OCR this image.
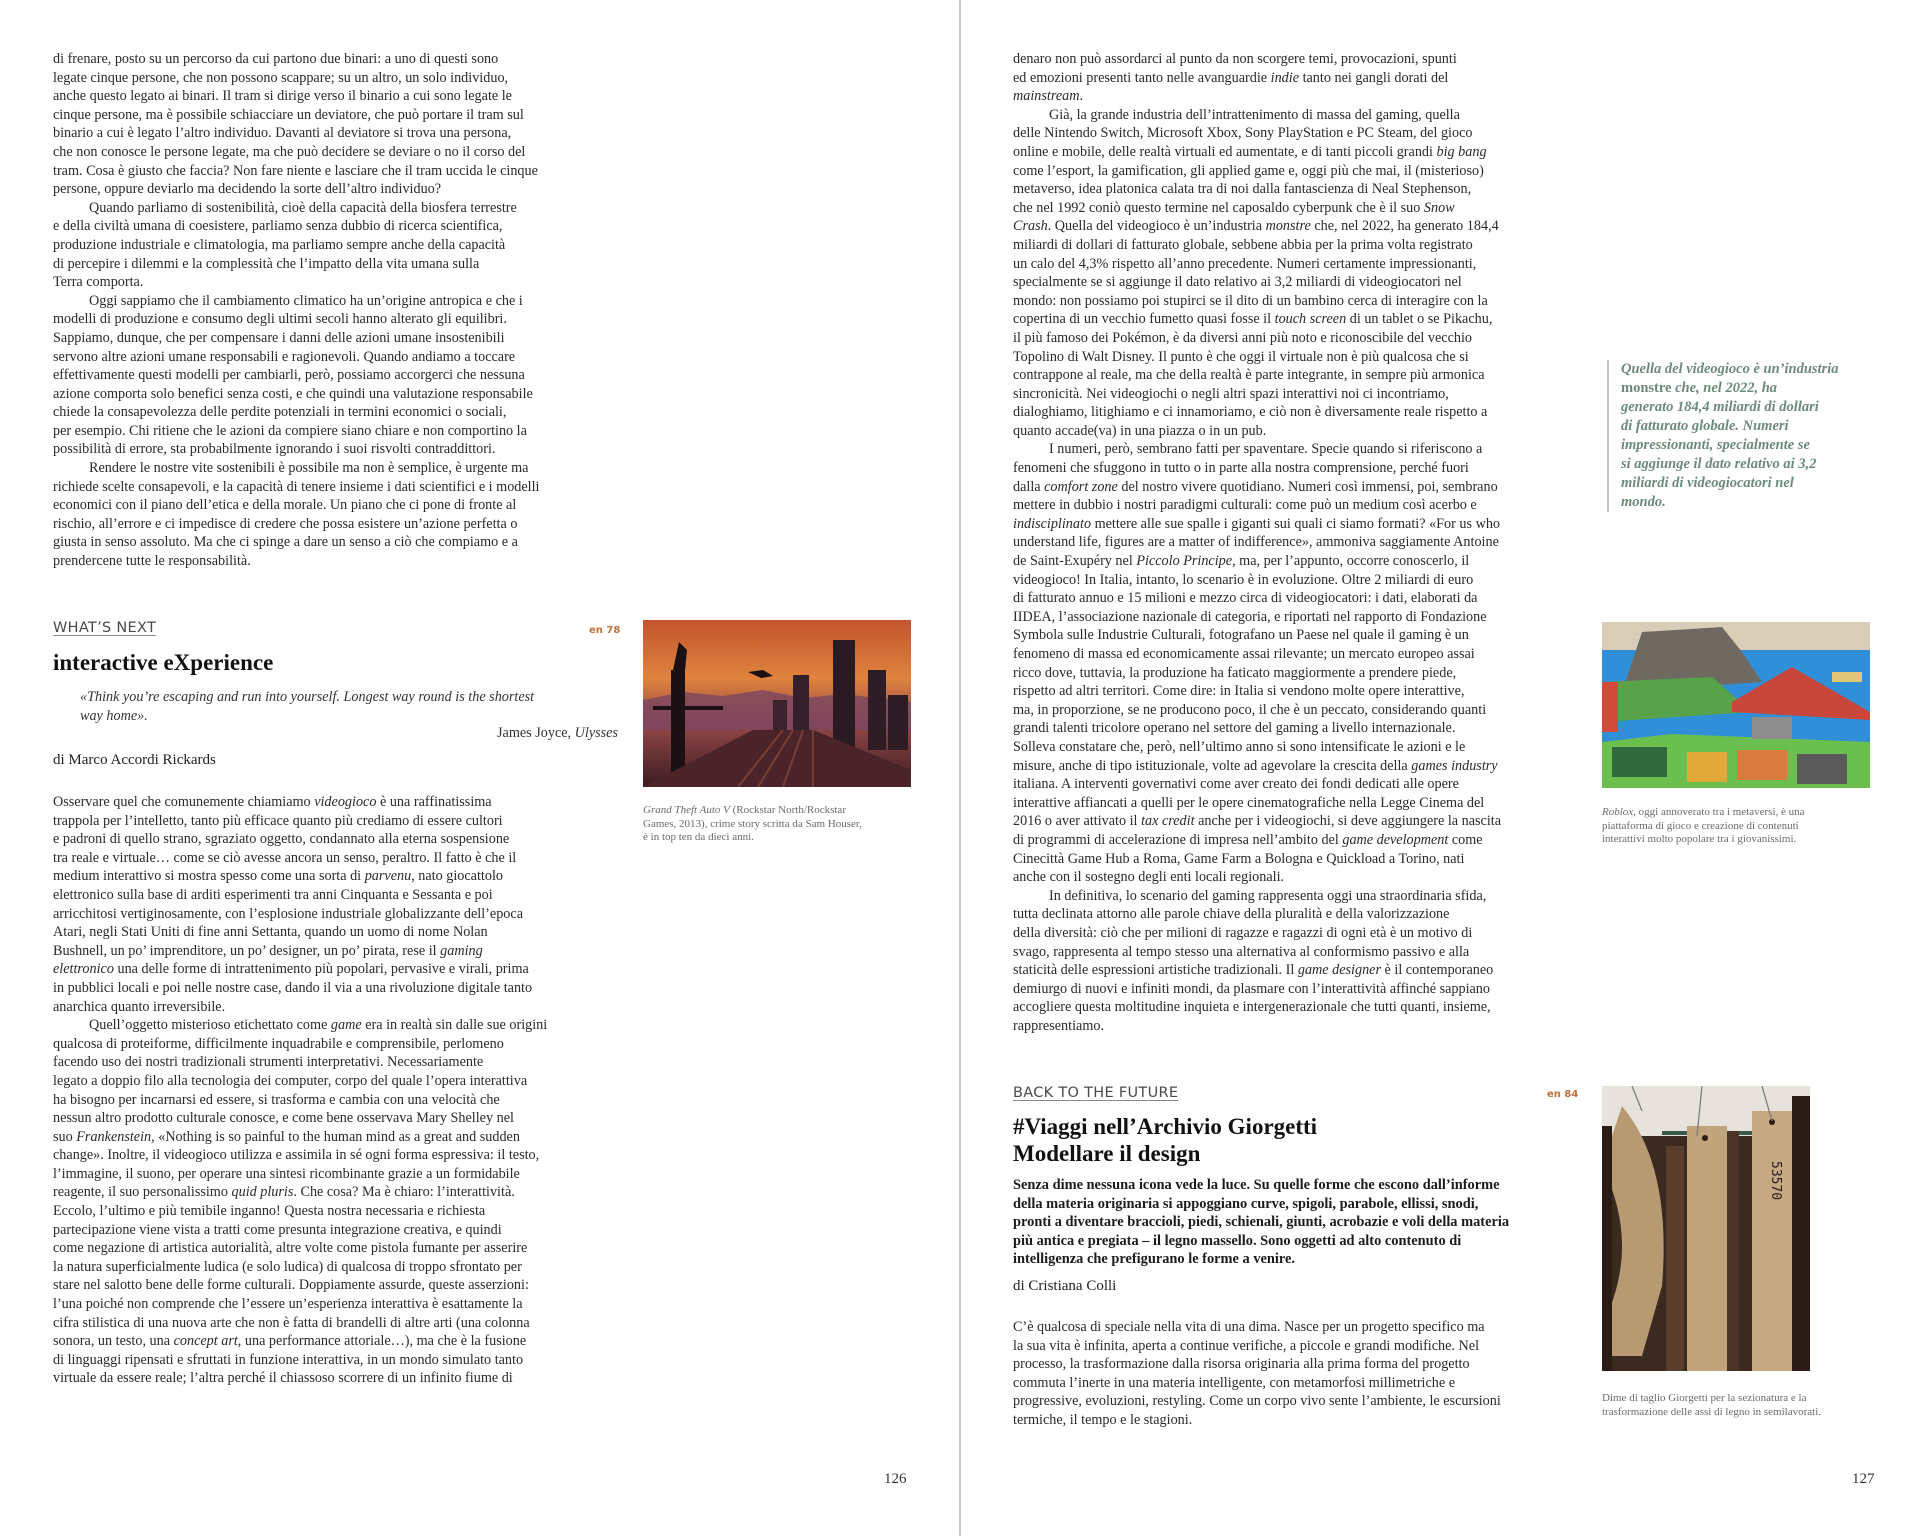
di frenare, posto su un percorso da cui partono due binari: a uno di questi sono
legate cinque persone, che non possono scappare; su un altro, un solo individuo,
anche questo legato ai binari. Il tram si dirige verso il binario a cui sono legate le
cinque persone, ma è possibile schiacciare un deviatore, che può portare il tram sul
binario a cui è legato l’altro individuo. Davanti al deviatore si trova una persona,
che non conosce le persone legate, ma che può decidere se deviare o no il corso del
tram. Cosa è giusto che faccia? Non fare niente e lasciare che il tram uccida le cinque
persone, oppure deviarlo ma decidendo la sorte dell’altro individuo?
Quando parliamo di sostenibilità, cioè della capacità della biosfera terrestre
e della civiltà umana di coesistere, parliamo senza dubbio di ricerca scientifica,
produzione industriale e climatologia, ma parliamo sempre anche della capacità
di percepire i dilemmi e la complessità che l’impatto della vita umana sulla
Terra comporta.
Oggi sappiamo che il cambiamento climatico ha un’origine antropica e che i
modelli di produzione e consumo degli ultimi secoli hanno alterato gli equilibri.
Sappiamo, dunque, che per compensare i danni delle azioni umane insostenibili
servono altre azioni umane responsabili e ragionevoli. Quando andiamo a toccare
effettivamente questi modelli per cambiarli, però, possiamo accorgerci che nessuna
azione comporta solo benefici senza costi, e che quindi una valutazione responsabile
chiede la consapevolezza delle perdite potenziali in termini economici o sociali,
per esempio. Chi ritiene che le azioni da compiere siano chiare e non comportino la
possibilità di errore, sta probabilmente ignorando i suoi risvolti contraddittori.
Rendere le nostre vite sostenibili è possibile ma non è semplice, è urgente ma
richiede scelte consapevoli, e la capacità di tenere insieme i dati scientifici e i modelli
economici con il piano dell’etica e della morale. Un piano che ci pone di fronte al
rischio, all’errore e ci impedisce di credere che possa esistere un’azione perfetta o
giusta in senso assoluto. Ma che ci spinge a dare un senso a ciò che compiamo e a
prendercene tutte le responsabilità.
WHAT’S NEXT	en 78
interactive eXperience
«Think you’re escaping and run into yourself. Longest way round is the shortest
way home».
James Joyce, Ulysses
di Marco Accordi Rickards
Osservare quel che comunemente chiamiamo videogioco è una raffinatissima
trappola per l’intelletto, tanto più efficace quanto più crediamo di essere cultori
e padroni di quello strano, sgraziato oggetto, condannato alla eterna sospensione
tra reale e virtuale… come se ciò avesse ancora un senso, peraltro. Il fatto è che il
medium interattivo si mostra spesso come una sorta di parvenu, nato giocattolo
elettronico sulla base di arditi esperimenti tra anni Cinquanta e Sessanta e poi
arricchitosi vertiginosamente, con l’esplosione industriale globalizzante dell’epoca
Atari, negli Stati Uniti di fine anni Settanta, quando un uomo di nome Nolan
Bushnell, un po’ imprenditore, un po’ designer, un po’ pirata, rese il gaming
elettronico una delle forme di intrattenimento più popolari, pervasive e virali, prima
in pubblici locali e poi nelle nostre case, dando il via a una rivoluzione digitale tanto
anarchica quanto irreversibile.
Quell’oggetto misterioso etichettato come game era in realtà sin dalle sue origini
qualcosa di proteiforme, difficilmente inquadrabile e comprensibile, perlomeno
facendo uso dei nostri tradizionali strumenti interpretativi. Necessariamente
legato a doppio filo alla tecnologia dei computer, corpo del quale l’opera interattiva
ha bisogno per incarnarsi ed essere, si trasforma e cambia con una velocità che
nessun altro prodotto culturale conosce, e come bene osservava Mary Shelley nel
suo Frankenstein, «Nothing is so painful to the human mind as a great and sudden
change». Inoltre, il videogioco utilizza e assimila in sé ogni forma espressiva: il testo,
l’immagine, il suono, per operare una sintesi ricombinante grazie a un formidabile
reagente, il suo personalissimo quid pluris. Che cosa? Ma è chiaro: l’interattività.
Eccolo, l’ultimo e più temibile inganno! Questa nostra necessaria e richiesta
partecipazione viene vista a tratti come presunta integrazione creativa, e quindi
come negazione di artistica autorialità, altre volte come pistola fumante per asserire
la natura superficialmente ludica (e solo ludica) di qualcosa di troppo sfrontato per
stare nel salotto bene delle forme culturali. Doppiamente assurde, queste asserzioni:
l’una poiché non comprende che l’essere un’esperienza interattiva è esattamente la
cifra stilistica di una nuova arte che non è fatta di brandelli di altre arti (una colonna
sonora, un testo, una concept art, una performance attoriale…), ma che è la fusione
di linguaggi ripensati e sfruttati in funzione interattiva, in un mondo simulato tanto
virtuale da essere reale; l’altra perché il chiassoso scorrere di un infinito fiume di
Grand Theft Auto V (Rockstar North/Rockstar
Games, 2013), crime story scritta da Sam Houser,
è in top ten da dieci anni.
126
denaro non può assordarci al punto da non scorgere temi, provocazioni, spunti
ed emozioni presenti tanto nelle avanguardie indie tanto nei gangli dorati del
mainstream.
Già, la grande industria dell’intrattenimento di massa del gaming, quella
delle Nintendo Switch, Microsoft Xbox, Sony PlayStation e PC Steam, del gioco
online e mobile, delle realtà virtuali ed aumentate, e di tanti piccoli grandi big bang
come l’esport, la gamification, gli applied game e, oggi più che mai, il (misterioso)
metaverso, idea platonica calata tra di noi dalla fantascienza di Neal Stephenson,
che nel 1992 coniò questo termine nel caposaldo cyberpunk che è il suo Snow
Crash. Quella del videogioco è un’industria monstre che, nel 2022, ha generato 184,4
miliardi di dollari di fatturato globale, sebbene abbia per la prima volta registrato
un calo del 4,3% rispetto all’anno precedente. Numeri certamente impressionanti,
specialmente se si aggiunge il dato relativo ai 3,2 miliardi di videogiocatori nel
mondo: non possiamo poi stupirci se il dito di un bambino cerca di interagire con la
copertina di un vecchio fumetto quasi fosse il touch screen di un tablet o se Pikachu,
il più famoso dei Pokémon, è da diversi anni più noto e riconoscibile del vecchio
Topolino di Walt Disney. Il punto è che oggi il virtuale non è più qualcosa che si
contrappone al reale, ma che della realtà è parte integrante, in sempre più armonica
sincronicità. Nei videogiochi o negli altri spazi interattivi noi ci incontriamo,
dialoghiamo, litighiamo e ci innamoriamo, e ciò non è diversamente reale rispetto a
quanto accade(va) in una piazza o in un pub.
I numeri, però, sembrano fatti per spaventare. Specie quando si riferiscono a
fenomeni che sfuggono in tutto o in parte alla nostra comprensione, perché fuori
dalla comfort zone del nostro vivere quotidiano. Numeri così immensi, poi, sembrano
mettere in dubbio i nostri paradigmi culturali: come può un medium così acerbo e
indisciplinato mettere alle sue spalle i giganti sui quali ci siamo formati? «For us who
understand life, figures are a matter of indifference», ammoniva saggiamente Antoine
de Saint-Exupéry nel Piccolo Principe, ma, per l’appunto, occorre conoscerlo, il
videogioco! In Italia, intanto, lo scenario è in evoluzione. Oltre 2 miliardi di euro
di fatturato annuo e 15 milioni e mezzo circa di videogiocatori: i dati, elaborati da
IIDEA, l’associazione nazionale di categoria, e riportati nel rapporto di Fondazione
Symbola sulle Industrie Culturali, fotografano un Paese nel quale il gaming è un
fenomeno di massa ed economicamente assai rilevante; un mercato europeo assai
ricco dove, tuttavia, la produzione ha faticato maggiormente a prendere piede,
rispetto ad altri territori. Come dire: in Italia si vendono molte opere interattive,
ma, in proporzione, se ne producono poco, il che è un peccato, considerando quanti
grandi talenti tricolore operano nel settore del gaming a livello internazionale.
Solleva constatare che, però, nell’ultimo anno si sono intensificate le azioni e le
misure, anche di tipo istituzionale, volte ad agevolare la crescita della games industry
italiana. A interventi governativi come aver creato dei fondi dedicati alle opere
interattive affiancati a quelli per le opere cinematografiche nella Legge Cinema del
2016 o aver attivato il tax credit anche per i videogiochi, si deve aggiungere la nascita
di programmi di accelerazione di impresa nell’ambito del game development come
Cinecittà Game Hub a Roma, Game Farm a Bologna e Quickload a Torino, nati
anche con il sostegno degli enti locali regionali.
In definitiva, lo scenario del gaming rappresenta oggi una straordinaria sfida,
tutta declinata attorno alle parole chiave della pluralità e della valorizzazione
della diversità: ciò che per milioni di ragazze e ragazzi di ogni età è un motivo di
svago, rappresenta al tempo stesso una alternativa al conformismo passivo e alla
staticità delle espressioni artistiche tradizionali. Il game designer è il contemporaneo
demiurgo di nuovi e infiniti mondi, da plasmare con l’interattività affinché sappiano
accogliere questa moltitudine inquieta e intergenerazionale che tutti quanti, insieme,
rappresentiamo.
Quella del videogioco è un’industria
monstre che, nel 2022, ha
generato 184,4 miliardi di dollari
di fatturato globale. Numeri
impressionanti, specialmente se
si aggiunge il dato relativo ai 3,2
miliardi di videogiocatori nel
mondo.
Roblox, oggi annoverato tra i metaversi, è una
piattaforma di gioco e creazione di contenuti
interattivi molto popolare tra i giovanissimi.
BACK TO THE FUTURE	en 84
#Viaggi nell’Archivio Giorgetti
Modellare il design
Senza dime nessuna icona vede la luce. Su quelle forme che escono dall’informe
della materia originaria si appoggiano curve, spigoli, parabole, ellissi, snodi,
pronti a diventare braccioli, piedi, schienali, giunti, acrobazie e voli della materia
più antica e pregiata – il legno massello. Sono oggetti ad alto contenuto di
intelligenza che prefigurano le forme a venire.
di Cristiana Colli
C’è qualcosa di speciale nella vita di una dima. Nasce per un progetto specifico ma
la sua vita è infinita, aperta a continue verifiche, a piccole e grandi modifiche. Nel
processo, la trasformazione dalla risorsa originaria alla prima forma del progetto
commuta l’inerte in una materia intelligente, con metamorfosi millimetriche e
progressive, evoluzioni, restyling. Come un corpo vivo sente l’ambiente, le escursioni
termiche, il tempo e le stagioni.
53570
Dime di taglio Giorgetti per la sezionatura e la
trasformazione delle assi di legno in semilavorati.
127
